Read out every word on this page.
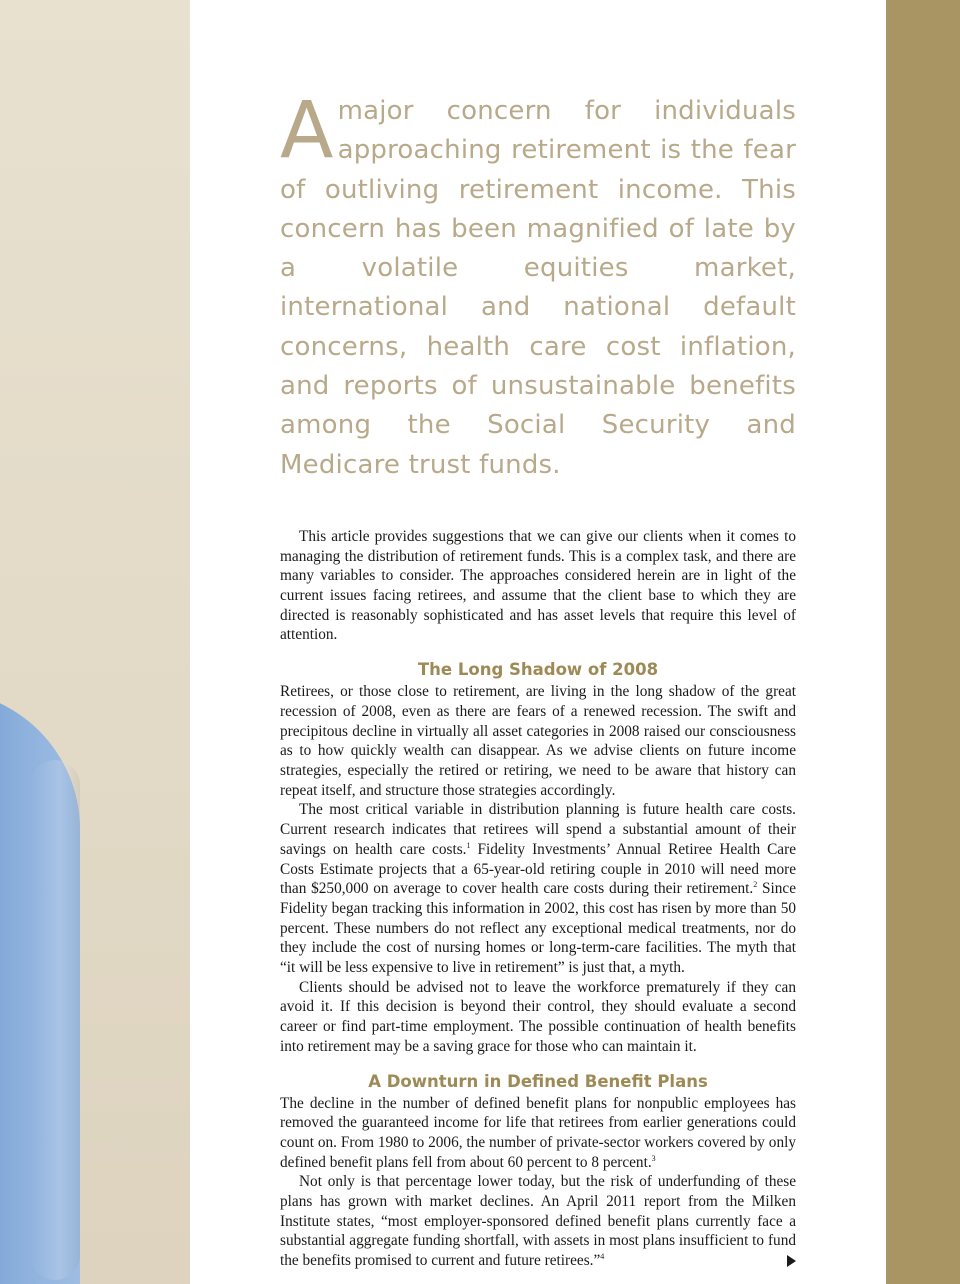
A major concern for individuals approaching retirement is the fear of outliving retirement income. This concern has been magnified of late by a volatile equities market, international and national default concerns, health care cost inflation, and reports of unsustainable benefits among the Social Security and Medicare trust funds.

This article provides suggestions that we can give our clients when it comes to managing the distribution of retirement funds. This is a complex task, and there are many variables to consider. The approaches considered herein are in light of the current issues facing retirees, and assume that the client base to which they are directed is reasonably sophisticated and has asset levels that require this level of attention.

The Long Shadow of 2008

Retirees, or those close to retirement, are living in the long shadow of the great recession of 2008, even as there are fears of a renewed recession. The swift and precipitous decline in virtually all asset categories in 2008 raised our consciousness as to how quickly wealth can disappear. As we advise clients on future income strategies, especially the retired or retiring, we need to be aware that history can repeat itself, and structure those strategies accordingly.

The most critical variable in distribution planning is future health care costs. Current research indicates that retirees will spend a substantial amount of their savings on health care costs.$^1$ Fidelity Investments’ Annual Retiree Health Care Costs Estimate projects that a 65-year-old retiring couple in 2010 will need more than $250,000 on average to cover health care costs during their retirement.$^2$ Since Fidelity began tracking this information in 2002, this cost has risen by more than 50 percent. These numbers do not reflect any exceptional medical treatments, nor do they include the cost of nursing homes or long-term-care facilities. The myth that “it will be less expensive to live in retirement” is just that, a myth.

Clients should be advised not to leave the workforce prematurely if they can avoid it. If this decision is beyond their control, they should evaluate a second career or find part-time employment. The possible continuation of health benefits into retirement may be a saving grace for those who can maintain it.

A Downturn in Defined Benefit Plans

The decline in the number of defined benefit plans for nonpublic employees has removed the guaranteed income for life that retirees from earlier generations could count on. From 1980 to 2006, the number of private-sector workers covered by only defined benefit plans fell from about 60 percent to 8 percent.$^3$

Not only is that percentage lower today, but the risk of underfunding of these plans has grown with market declines. An April 2011 report from the Milken Institute states, “most employer-sponsored defined benefit plans currently face a substantial aggregate funding shortfall, with assets in most plans insufficient to fund the benefits promised to current and future retirees.”$^4$
